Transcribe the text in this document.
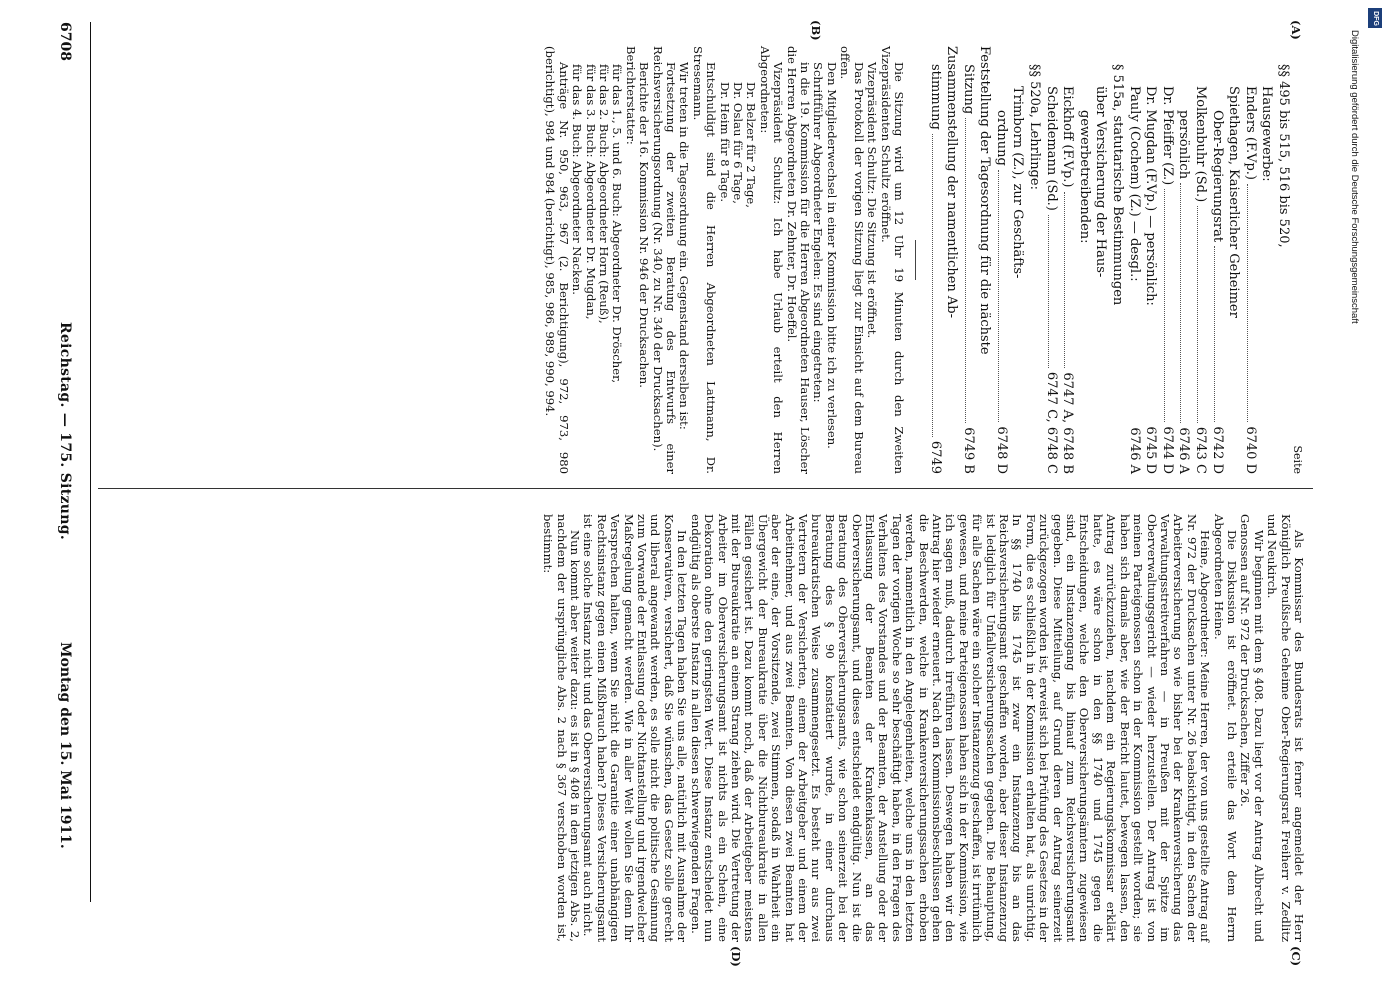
6708
Reichstag. — 175. Sitzung.
Montag den 15. Mai 1911.
(A)
(B)
(C)
(D)
Seite
§§ 495 bis 515, 516 bis 520,
Hausgewerbe:
Enders (F.Vp.)
6740 D
Spiethagen, Kaiserlicher Geheimer
Ober-Regierungsrat
6742 D
Molkenbuhr (Sd.)
6743 C
persönlich
6746 A
Dr. Pfeiffer (Z.)
6744 D
Dr. Mugdan (F.Vp.) — persönlich:
6745 D
Pauly (Cochem) (Z.) — desgl.:
6746 A
§ 515a, statutarische Bestimmungen
über Versicherung der Haus-
gewerbetreibenden:
Eickhoff (F.Vp.)
6747 A, 6748 B
Scheidemann (Sd.)
6747 C, 6748 C
§§ 520a, Lehrlinge:
Trimborn (Z.), zur Geschäfts-
ordnung
6748 D
Feststellung der Tagesordnung für die nächste
Sitzung
6749 B
Zusammenstellung der namentlichen Ab-
stimmung
6749

Die Sitzung wird um 12 Uhr 19 Minuten durch den Zweiten Vizepräsidenten Schultz eröffnet.

Vizepräsident Schultz: Die Sitzung ist eröffnet.

Das Protokoll der vorigen Sitzung liegt zur Einsicht auf dem Bureau offen.

Den Mitgliederwechsel in einer Kommission bitte ich zu verlesen.

Schriftführer Abgeordneter Engelen: Es sind eingetreten:

in die 19. Kommission für die Herren Abgeordneten Hauser, Löscher die Herren Abgeordneten Dr. Zehnter, Dr. Hoeffel.

Vizepräsident Schultz: Ich habe Urlaub erteilt den Herren Abgeordneten:

Dr. Belzer für 2 Tage,

Dr. Oslau für 6 Tage,

Dr. Heim für 8 Tage.

Entschuldigt sind die Herren Abgeordneten Lattmann, Dr. Stresemann.

Wir treten in die Tagesordnung ein. Gegenstand derselben ist:

Fortsetzung der zweiten Beratung des Entwurfs einer Reichsversicherungsordnung (Nr. 340, zu Nr. 340 der Drucksachen).

Berichte der 16. Kommission Nr. 946 der Drucksachen.

Berichterstatter:

für das 1., 5. und 6. Buch: Abgeordneter Dr. Dröscher,

für das 2. Buch: Abgeordneter Horn (Reuß),

für das 3. Buch: Abgeordneter Dr. Mugdan,

für das 4. Buch: Abgeordneter Nacken.

Anträge Nr. 950, 963, 967 (2. Berichtigung), 972, 973, 980 (berichtigt), 984 und 984 (berichtigt), 985, 986, 989, 990, 994.

Als Kommissar des Bundesrats ist ferner angemeldet der Herr Königlich Preußische Geheime Ober-Regierungsrat Freiherr v. Zedlitz und Neukirch.

Wir beginnen mit dem § 408. Dazu liegt vor der Antrag Albrecht und Genossen auf Nr. 972 der Drucksachen, Ziffer 26.

Die Diskussion ist eröffnet. Ich erteile das Wort dem Herrn Abgeordneten Heine.

Heine, Abgeordneter: Meine Herren, der von uns gestellte Antrag auf Nr. 972 der Drucksachen unter Nr. 26 beabsichtigt, in den Sachen der Arbeiterversicherung so wie bisher bei der Krankenversicherung das Verwaltungsstreitverfahren — in Preußen mit der Spitze im Oberverwaltungsgericht — wieder herzustellen. Der Antrag ist von meinen Parteigenossen schon in der Kommission gestellt worden; sie haben sich damals aber, wie der Bericht lautet, bewegen lassen, den Antrag zurückzuziehen, nachdem ein Regierungskommissar erklärt hatte, es wäre schon in den §§ 1740 und 1745 gegen die Entscheidungen, welche den Oberversicherungsämtern zugewiesen sind, ein Instanzengang bis hinauf zum Reichsversicherungsamt gegeben. Diese Mitteilung, auf Grund deren der Antrag seinerzeit zurückgezogen worden ist, erweist sich bei Prüfung des Gesetzes in der Form, die es schließlich in der Kommission erhalten hat, als unrichtig. In §§ 1740 bis 1745 ist zwar ein Instanzenzug bis an das Reichsversicherungsamt geschaffen worden, aber dieser Instanzenzug ist lediglich für Unfallversicherungssachen gegeben. Die Behauptung, für alle Sachen wäre ein solcher Instanzenzug geschaffen, ist irrtümlich gewesen, und meine Parteigenossen haben sich in der Kommission, wie ich sagen muß, dadurch irreführen lassen. Deswegen haben wir den Antrag hier wieder erneuert. Nach den Kommissionsbeschlüssen gehen die Beschwerden, welche in Krankenversicherungssachen erhoben werden, namentlich in den Angelegenheiten, welche uns in den letzten Tagen der vorigen Woche so sehr beschäftigt haben, in den Fragen des Verhaltens des Vorstandes und der Beamten, der Anstellung oder der Entlassung der Beamten der Krankenkassen, an das Oberversicherungsamt, und dieses entscheidet endgültig. Nun ist die Beratung des Oberversicherungsamts, wie schon seinerzeit bei der Beratung des § 90 konstatiert wurde, in einer durchaus bureaukratischen Weise zusammengesetzt. Es besteht nur aus zwei Vertretern der Versicherten, einem der Arbeitgeber und einem der Arbeitnehmer, und aus zwei Beamten. Von diesen zwei Beamten hat aber der eine, der Vorsitzende, zwei Stimmen, sodaß in Wahrheit ein Übergewicht der Bureaukratie über die Nichtbureaukratie in allen Fällen gesichert ist. Dazu kommt noch, daß der Arbeitgeber meistens mit der Bureaukratie an einem Strang ziehen wird. Die Vertretung der Arbeiter im Oberversicherungsamt ist nichts als ein Schein, eine Dekoration ohne den geringsten Wert. Diese Instanz entscheidet nun endgültig als oberste Instanz in allen diesen schwerwiegenden Fragen.

In den letzten Tagen haben Sie uns alle, natürlich mit Ausnahme der Konservativen, versichert, daß Sie wünschen, das Gesetz solle gerecht und liberal angewandt werden, es solle nicht die politische Gesinnung zum Vorwande der Entlassung oder Nichtanstellung und irgendwelcher Maßregelung gemacht werden. Wie in aller Welt wollen Sie denn Ihr Versprechen halten, wenn Sie nicht die Garantie einer unabhängigen Rechtsinstanz gegen einen Mißbrauch haben? Dieses Versicherungsamt ist eine solche Instanz nicht und das Oberversicherungsamt auch nicht.

Nun kommt aber weiter dazu: es ist in § 408 in dem jetzigen Abs. 2, nachdem der ursprüngliche Abs. 2 nach § 367 verschoben worden ist, bestimmt:

DFG
Digitalisierung gefördert durch die Deutsche Forschungsgemeinschaft
